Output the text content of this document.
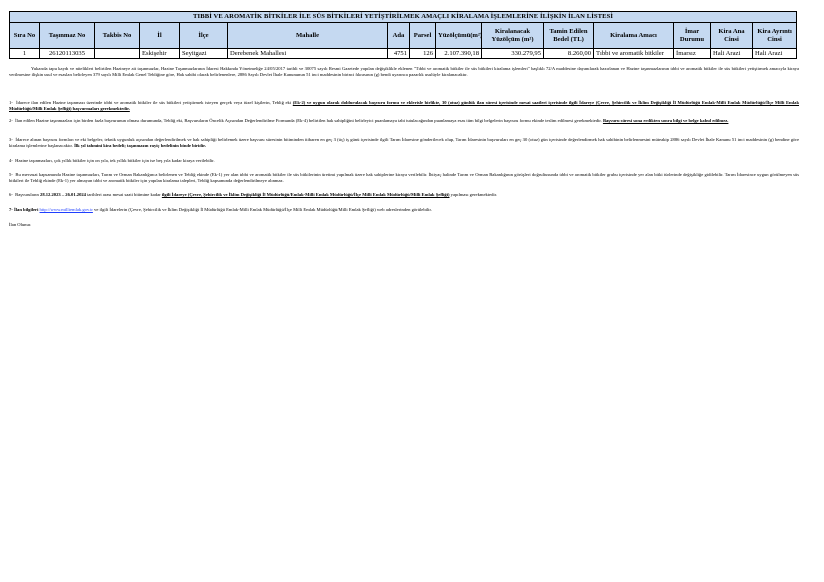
TIBBİ VE AROMATİK BİTKİLER İLE SÜS BİTKİLERİ YETİŞTİRİLMEK AMAÇLI KİRALAMA İŞLEMLERİNE İLİŞKİN İLAN LİSTESİ														
Sıra No	Taşınmaz No	Takbis No	İl	İlçe	Mahalle	Ada	Parsel	Yüzölçümü(m²)	Kiralanacak Yüzölçüm (m²)	Tamin Edilen Bedel (TL)	Kiralama Amacı	İmar Durumu	Kira Ana Cinsi	Kira Ayrıntı Cinsi
1	26120113035		Eskişehir	Seyitgazi	Derebenek Mahallesi	4751	126	2.107.390,18	330.279,95	8.260,00	Tıbbi ve aromatik bitkiler	İmarsız	Hali Arazi	Hali Arazi
Yukarıda tapu kaydı ve nitelikleri belirtilen Hazineye ait taşınmazlar, Hazine Taşınmazlarının İdaresi Hakkında Yönetmeliğe 24/05/2017 tarihli ve 30075 sayılı Resmi Gazetede yapılan değişiklikle eklenen "Tıbbi ve aromatik bitkiler ile süs bitkileri kiralama işlemleri" başlıklı 72/A maddesine dayanılarak hazırlanan ve Hazine taşınmazlarının tıbbi ve aromatik bitkiler ile süs bitkileri yetiştirmek amacıyla kiraya verilmesine ilişkin usul ve esasları belirleyen 379 sayılı Milli Emlak Genel Tebliğine göre, Hak sahibi olarak belirlenenlere, 2886 Sayılı Devlet İhale Kanununun 51 inci maddesinin birinci fıkrasının (g) bendi uyarınca pazarlık usulüyle kiralanacaktır.
1- İdarece ilan edilen Hazine taşınmazı üzerinde tıbbi ve aromatik bitkiler ile süs bitkileri yetiştirmek isteyen gerçek veya tüzel kişilerin, Tebliğ eki (Ek-2) ve uygun olarak doldurulacak başvuru formu ve eklerisle birlikte, 30 (otuz) günlük ilan süresi içerisinde mesai saatleri içerisinde ilgili İdareye (Çevre, Şehircilik ve İklim Değişikliği İl Müdürlüğü Emlak-Milli Emlak Müdürlüğü/İlçe Milli Emlak Müdürlüğü/Milli Emlak Şefliği) başvurmaları gerekmektedir.
2- İlan edilen Hazine taşınmazları için birden fazla başvurunun olması durumunda, Tebliğ eki, Başvuruların Öncelik Açısından Değerlendirilme Formunda (Ek-4) belirtilen hak sahipliğini belirleyici puanlamaya tabi tutulacağından puanlamaya esas tüm bilgi belgelerin başvuru formu ekinde teslim edilmesi gerekmektedir. Başvuru süresi sona erdikten sonra bilgi ve belge kabul edilmez.
3- İdarece alınan başvuru formları ve eki belgeler, teknik uygunluk açısından değerlendirilmek ve hak sahipliği belirlemek üzere başvuru süresinin bitiminden itibaren en geç 3 (üç) iş günü içerisinde ilgili Tarım İdaresine gönderilecek olup, Tarım İdaresinin başvuruları en geç 30 (otuz) gün içerisinde değerlendirmek hak sahibinin belirlenmesini müteakip 2886 sayılı Devlet İhale Kanunu 51 inci maddesinin (g) bendine göre kiralama işlemlerine başlanacaktır. İlk yıl tahmini kira bedeli; taşınmazın rayiç bedelinin binde biridir.
4- Hazine taşınmazları, çok yıllık bitkiler için on yıla, tek yıllık bitkiler için ise beş yıla kadar kiraya verilebilir.
5- Bu mevzuat kapsamında Hazine taşınmazları, Tarım ve Orman Bakanlığınca belirlenen ve Tebliğ ekinde (Ek-1) yer alan tıbbi ve aromatik bitkiler ile süs bitkilerinin üretimi yapılmak üzere hak sahiplerine kiraya verilebilir. İhtiyaç halinde Tarım ve Orman Bakanlığının görüşleri doğrultusunda tıbbi ve aromatik bitkiler grubu içerisinde yer alan bitki türlerinde değişikliğe gidilebilir. Tarım İdaresince uygun görülmeyen süs bitkileri ile Tebliğ ekinde (Ek-1) yer almayan tıbbi ve aromatik bitkiler için yapılan kiralama talepleri, Tebliğ kapsamında değerlendirilmeye alınmaz.
6- Başvuruların 28.12.2023 – 26.01.2024 tarihleri arası mesai saati bitimine kadar ilgili İdareye (Çevre, Şehircilik ve İklim Değişikliği İl Müdürlüğü/Emlak-Milli Emlak Müdürlüğü/İlçe Milli Emlak Müdürlüğü/Milli Emlak Şefliği) yapılması gerekmektedir.
7- İlan bilgileri http://www.milliemlak.gov.tr ve ilgili İdarelerin (Çevre, Şehircilik ve İklim Değişikliği İl Müdürlüğü Emlak-Milli Emlak Müdürlüğü/İlçe Milli Emlak Müdürlüğü/Milli Emlak Şefliği) web adreslerinden görülebilir.
İlan Olunur.
